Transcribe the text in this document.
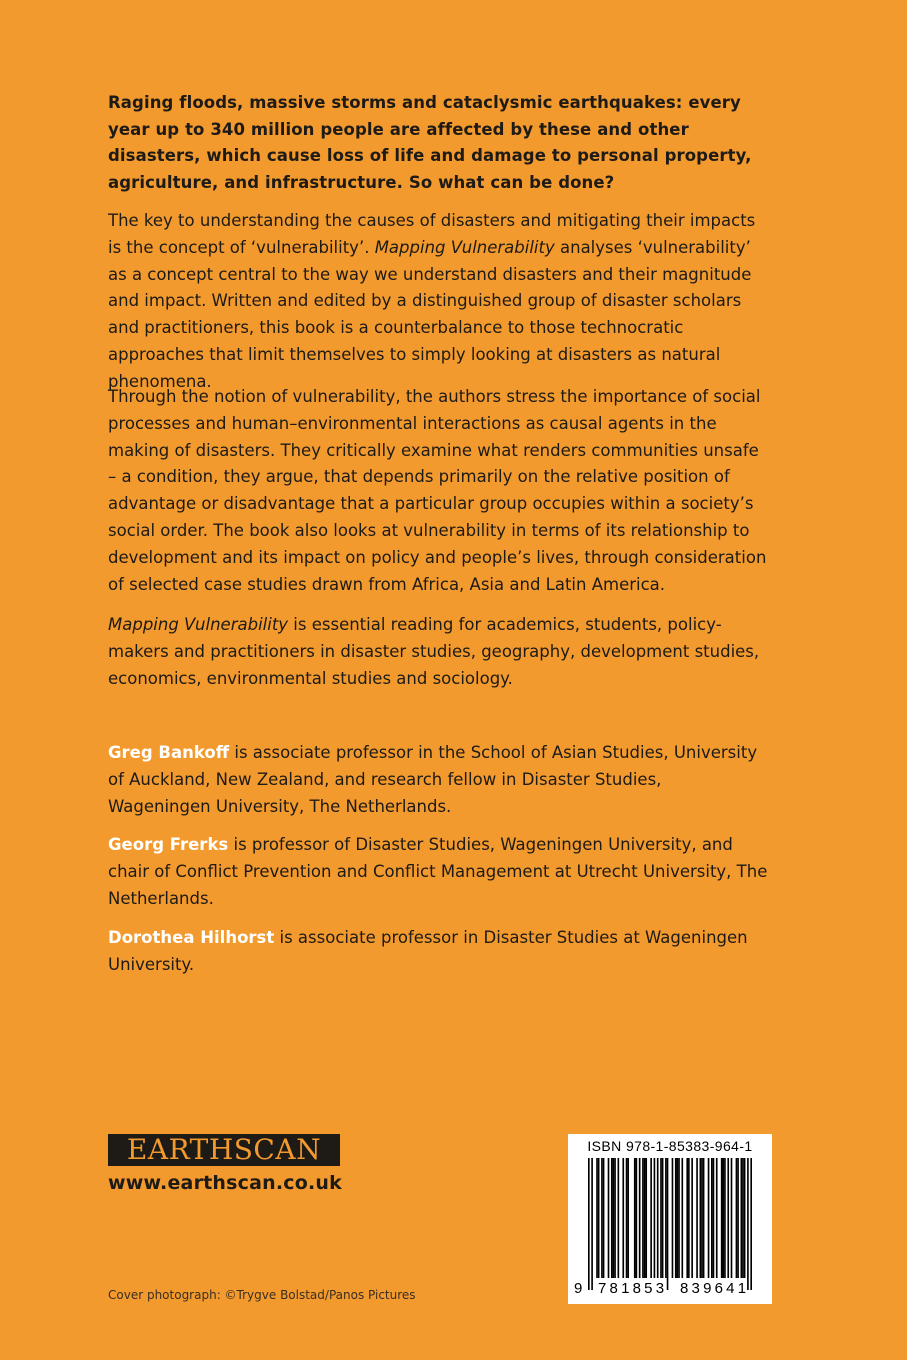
Raging floods, massive storms and cataclysmic earthquakes: every year up to 340 million people are affected by these and other disasters, which cause loss of life and damage to personal property, agriculture, and infrastructure. So what can be done?

The key to understanding the causes of disasters and mitigating their impacts is the concept of ‘vulnerability’. Mapping Vulnerability analyses ‘vulnerability’ as a concept central to the way we understand disasters and their magnitude and impact. Written and edited by a distinguished group of disaster scholars and practitioners, this book is a counterbalance to those technocratic approaches that limit themselves to simply looking at disasters as natural phenomena.

Through the notion of vulnerability, the authors stress the importance of social processes and human–environmental interactions as causal agents in the making of disasters. They critically examine what renders communities unsafe – a condition, they argue, that depends primarily on the relative position of advantage or disadvantage that a particular group occupies within a society’s social order. The book also looks at vulnerability in terms of its relationship to development and its impact on policy and people’s lives, through consideration of selected case studies drawn from Africa, Asia and Latin America.

Mapping Vulnerability is essential reading for academics, students, policy-makers and practitioners in disaster studies, geography, development studies, economics, environmental studies and sociology.

Greg Bankoff is associate professor in the School of Asian Studies, University of Auckland, New Zealand, and research fellow in Disaster Studies, Wageningen University, The Netherlands.

Georg Frerks is professor of Disaster Studies, Wageningen University, and chair of Conflict Prevention and Conflict Management at Utrecht University, The Netherlands.

Dorothea Hilhorst is associate professor in Disaster Studies at Wageningen University.

EARTHSCAN
www.earthscan.co.uk
Cover photograph: ©Trygve Bolstad/Panos Pictures
ISBN 978-1-85383-964-1
9 781853 839641
